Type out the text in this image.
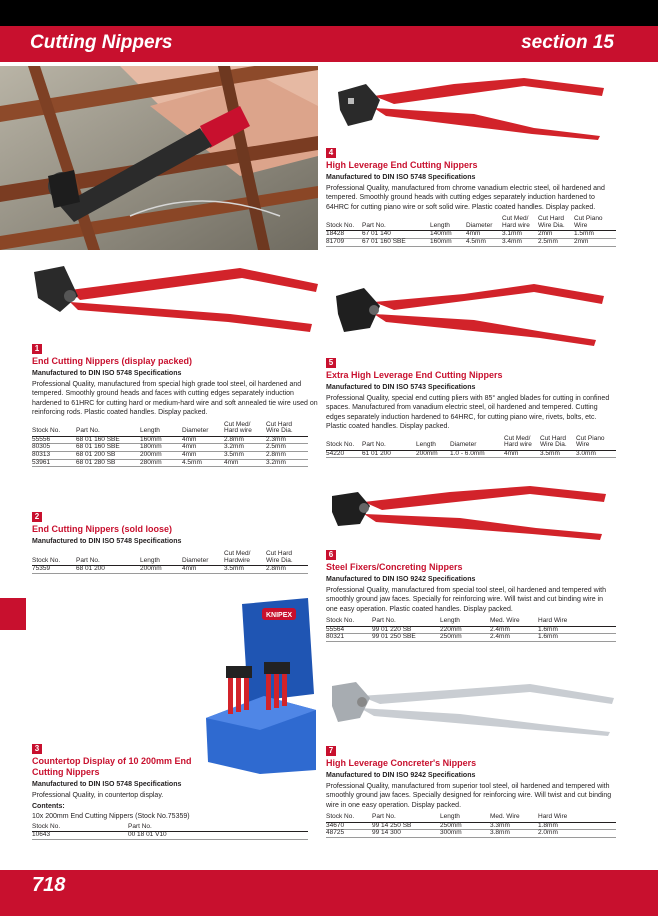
Cutting Nippers	section 15
1
End Cutting Nippers (display packed)
Manufactured to DIN ISO 5748 Specifications
Professional Quality, manufactured from special high grade tool steel, oil hardened and tempered. Smoothly ground heads and faces with cutting edges separately induction hardened to 61HRC for cutting hard or medium-hard wire and soft annealed tie wire used on reinforcing rods. Plastic coated handles. Display packed.
Stock No.	Part No.	Length	Diameter	Cut Med/ Hard wire	Cut Hard Wire Dia.
55556	68 01 160 SBE	160mm	4mm	2.8mm	2.3mm
80305	68 01 160 SBE	180mm	4mm	3.2mm	2.5mm
80313	68 01 200 SB	200mm	4mm	3.5mm	2.8mm
53961	68 01 280 SB	280mm	4.5mm	4mm	3.2mm
2
End Cutting Nippers (sold loose)
Manufactured to DIN ISO 5748 Specifications
Stock No.	Part No.	Length	Diameter	Cut Med/ Hardwire	Cut Hard Wire Dia.
75359	68 01 200	200mm	4mm	3.5mm	2.8mm
KNIPEX
3
Countertop Display of 10 200mm End Cutting Nippers
Manufactured to DIN ISO 5748 Specifications
Professional Quality, in countertop display.
Contents:
10x 200mm End Cutting Nippers (Stock No.75359)
Stock No.	Part No.
10643	00 18 01 V10
4
High Leverage End Cutting Nippers
Manufactured to DIN ISO 5748 Specifications
Professional Quality, manufactured from chrome vanadium electric steel, oil hardened and tempered. Smoothly ground heads with cutting edges separately induction hardened to 64HRC for cutting piano wire or soft solid wire. Plastic coated handles. Display packed.
Stock No.	Part No.	Length	Diameter	Cut Med/ Hard wire	Cut Hard Wire Dia.	Cut Piano Wire
18428	67 01 140	140mm	4mm	3.1mm	2mm	1.5mm
81709	67 01 160 SBE	160mm	4.5mm	3.4mm	2.5mm	2mm
5
Extra High Leverage End Cutting Nippers
Manufactured to DIN ISO 5743 Specifications
Professional Quality, special end cutting pliers with 85° angled blades for cutting in confined spaces. Manufactured from vanadium electric steel, oil hardened and tempered. Cutting edges separately induction hardened to 64HRC, for cutting piano wire, rivets, bolts, etc. Plastic coated handles. Display packed.
Stock No.	Part No.	Length	Diameter	Cut Med/ Hard wire	Cut Hard Wire Dia.	Cut Piano Wire
54220	61 01 200	200mm	1.0 - 6.0mm	4mm	3.5mm	3.0mm
6
Steel Fixers/Concreting Nippers
Manufactured to DIN ISO 9242 Specifications
Professional Quality, manufactured from special tool steel, oil hardened and tempered with smoothly ground jaw faces. Specially for reinforcing wire. Will twist and cut binding wire in one easy operation. Plastic coated handles. Display packed.
Stock No.	Part No.	Length	Med. Wire	Hard Wire
55564	99 01 220 SB	220mm	2.4mm	1.6mm
80321	99 01 250 SBE	250mm	2.4mm	1.6mm
7
High Leverage Concreter's Nippers
Manufactured to DIN ISO 9242 Specifications
Professional Quality, manufactured from superior tool steel, oil hardened and tempered with smoothly ground jaw faces. Specially designed for reinforcing wire. Will twist and cut binding wire in one easy operation. Display packed.
Stock No.	Part No.	Length	Med. Wire	Hard Wire
34670	99 14 250 SB	250mm	3.3mm	1.8mm
48725	99 14 300	300mm	3.8mm	2.0mm
718
